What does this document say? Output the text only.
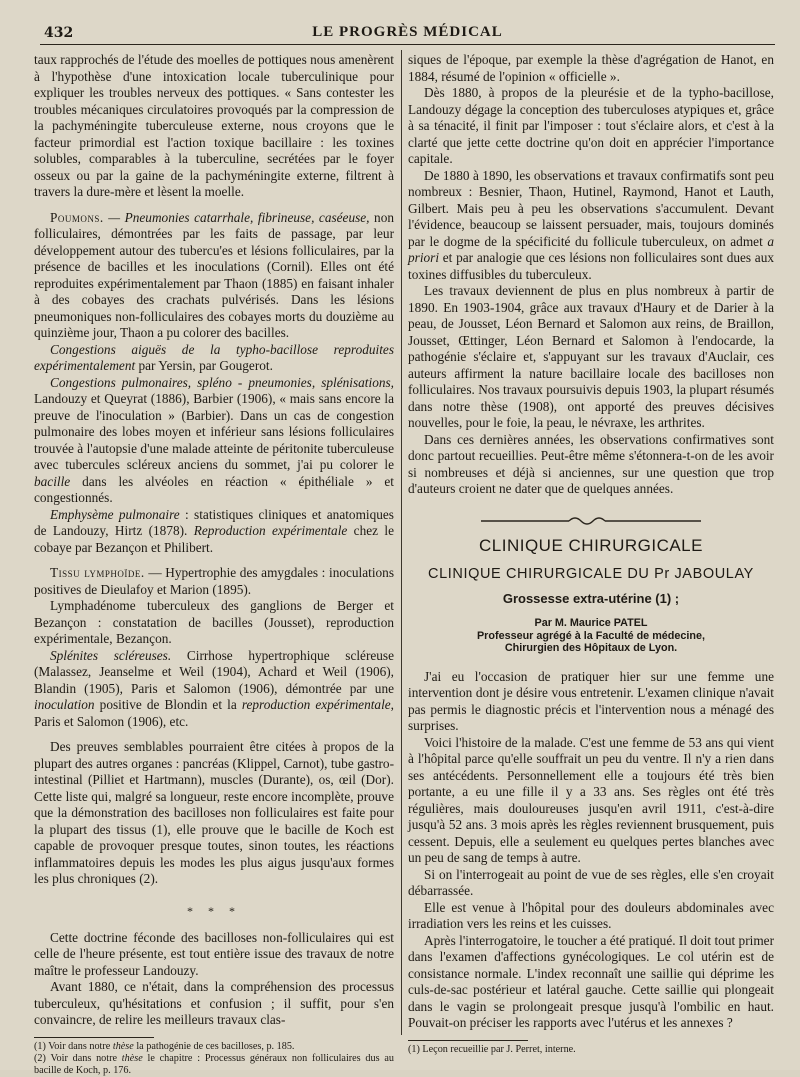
432	LE PROGRÈS MÉDICAL

taux rapprochés de l'étude des moelles de pottiques nous amenèrent à l'hypothèse d'une intoxication locale tuberculinique pour expliquer les troubles nerveux des pottiques. « Sans contester les troubles mécaniques circulatoires provoqués par la compression de la pachyméningite tuberculeuse externe, nous croyons que le facteur primordial est l'action toxique bacillaire : les toxines solubles, comparables à la tuberculine, secrétées par le foyer osseux ou par la gaine de la pachyméningite externe, filtrent à travers la dure-mère et lèsent la moelle.

Poumons. — Pneumonies catarrhale, fibrineuse, caséeuse, non folliculaires, démontrées par les faits de passage, par leur développement autour des tubercu'es et lésions folliculaires, par la présence de bacilles et les inoculations (Cornil). Elles ont été reproduites expérimentalement par Thaon (1885) en faisant inhaler à des cobayes des crachats pulvérisés. Dans les lésions pneumoniques non-folliculaires des cobayes morts du douzième au quinzième jour, Thaon a pu colorer des bacilles.

Congestions aiguës de la typho-bacillose reproduites expérimentalement par Yersin, par Gougerot.

Congestions pulmonaires, spléno - pneumonies, splénisations, Landouzy et Queyrat (1886), Barbier (1906), « mais sans encore la preuve de l'inoculation » (Barbier). Dans un cas de congestion pulmonaire des lobes moyen et inférieur sans lésions folliculaires trouvée à l'autopsie d'une malade atteinte de péritonite tuberculeuse avec tubercules scléreux anciens du sommet, j'ai pu colorer le bacille dans les alvéoles en réaction « épithéliale » et congestionnés.

Emphysème pulmonaire : statistiques cliniques et anatomiques de Landouzy, Hirtz (1878). Reproduction expérimentale chez le cobaye par Bezançon et Philibert.

Tissu lymphoïde. — Hypertrophie des amygdales : inoculations positives de Dieulafoy et Marion (1895).

Lymphadénome tuberculeux des ganglions de Berger et Bezançon : constatation de bacilles (Jousset), reproduction expérimentale, Bezançon.

Splénites scléreuses. Cirrhose hypertrophique scléreuse (Malassez, Jeanselme et Weil (1904), Achard et Weil (1906), Blandin (1905), Paris et Salomon (1906), démontrée par une inoculation positive de Blondin et la reproduction expérimentale, Paris et Salomon (1906), etc.

Des preuves semblables pourraient être citées à propos de la plupart des autres organes : pancréas (Klippel, Carnot), tube gastro-intestinal (Pilliet et Hartmann), muscles (Durante), os, œil (Dor). Cette liste qui, malgré sa longueur, reste encore incomplète, prouve que la démonstration des bacilloses non folliculaires est faite pour la plupart des tissus (1), elle prouve que le bacille de Koch est capable de provoquer presque toutes, sinon toutes, les réactions inflammatoires depuis les modes les plus aigus jusqu'aux formes les plus chroniques (2).

* * *

Cette doctrine féconde des bacilloses non-folliculaires qui est celle de l'heure présente, est tout entière issue des travaux de notre maître le professeur Landouzy.

Avant 1880, ce n'était, dans la compréhension des processus tuberculeux, qu'hésitations et confusion ; il suffit, pour s'en convaincre, de relire les meilleurs travaux clas-

(1) Voir dans notre thèse la pathogénie de ces bacilloses, p. 185.

(2) Voir dans notre thèse le chapitre : Processus généraux non folliculaires dus au bacille de Koch, p. 176.

siques de l'époque, par exemple la thèse d'agrégation de Hanot, en 1884, résumé de l'opinion « officielle ».

Dès 1880, à propos de la pleurésie et de la typho-bacillose, Landouzy dégage la conception des tuberculoses atypiques et, grâce à sa ténacité, il finit par l'imposer : tout s'éclaire alors, et c'est à la clarté que jette cette doctrine qu'on doit en apprécier l'importance capitale.

De 1880 à 1890, les observations et travaux confirmatifs sont peu nombreux : Besnier, Thaon, Hutinel, Raymond, Hanot et Lauth, Gilbert. Mais peu à peu les observations s'accumulent. Devant l'évidence, beaucoup se laissent persuader, mais, toujours dominés par le dogme de la spécificité du follicule tuberculeux, on admet a priori et par analogie que ces lésions non folliculaires sont dues aux toxines diffusibles du tuberculeux.

Les travaux deviennent de plus en plus nombreux à partir de 1890. En 1903-1904, grâce aux travaux d'Haury et de Darier à la peau, de Jousset, Léon Bernard et Salomon aux reins, de Braillon, Jousset, Œttinger, Léon Bernard et Salomon à l'endocarde, la pathogénie s'éclaire et, s'appuyant sur les travaux d'Auclair, ces auteurs affirment la nature bacillaire locale des bacilloses non folliculaires. Nos travaux poursuivis depuis 1903, la plupart résumés dans notre thèse (1908), ont apporté des preuves décisives nouvelles, pour le foie, la peau, le névraxe, les arthrites.

Dans ces dernières années, les observations confirmatives sont donc partout recueillies. Peut-être même s'étonnera-t-on de les avoir si nombreuses et déjà si anciennes, sur une question que trop d'auteurs croient ne dater que de quelques années.

CLINIQUE CHIRURGICALE
CLINIQUE CHIRURGICALE DU Pr JABOULAY
Grossesse extra-utérine (1) ;
Par M. Maurice PATEL
Professeur agrégé à la Faculté de médecine,
Chirurgien des Hôpitaux de Lyon.

J'ai eu l'occasion de pratiquer hier sur une femme une intervention dont je désire vous entretenir. L'examen clinique n'avait pas permis le diagnostic précis et l'intervention nous a ménagé des surprises.

Voici l'histoire de la malade. C'est une femme de 53 ans qui vient à l'hôpital parce qu'elle souffrait un peu du ventre. Il n'y a rien dans ses antécédents. Personnellement elle a toujours été très bien portante, a eu une fille il y a 33 ans. Ses règles ont été très régulières, mais douloureuses jusqu'en avril 1911, c'est-à-dire jusqu'à 52 ans. 3 mois après les règles reviennent brusquement, puis cessent. Depuis, elle a seulement eu quelques pertes blanches avec un peu de sang de temps à autre.

Si on l'interrogeait au point de vue de ses règles, elle s'en croyait débarrassée.

Elle est venue à l'hôpital pour des douleurs abdominales avec irradiation vers les reins et les cuisses.

Après l'interrogatoire, le toucher a été pratiqué. Il doit tout primer dans l'examen d'affections gynécologiques. Le col utérin est de consistance normale. L'index reconnaît une saillie qui déprime les culs-de-sac postérieur et latéral gauche. Cette saillie qui plongeait dans le vagin se prolongeait presque jusqu'à l'ombilic en haut. Pouvait-on préciser les rapports avec l'utérus et les annexes ?

(1) Leçon recueillie par J. Perret, interne.
